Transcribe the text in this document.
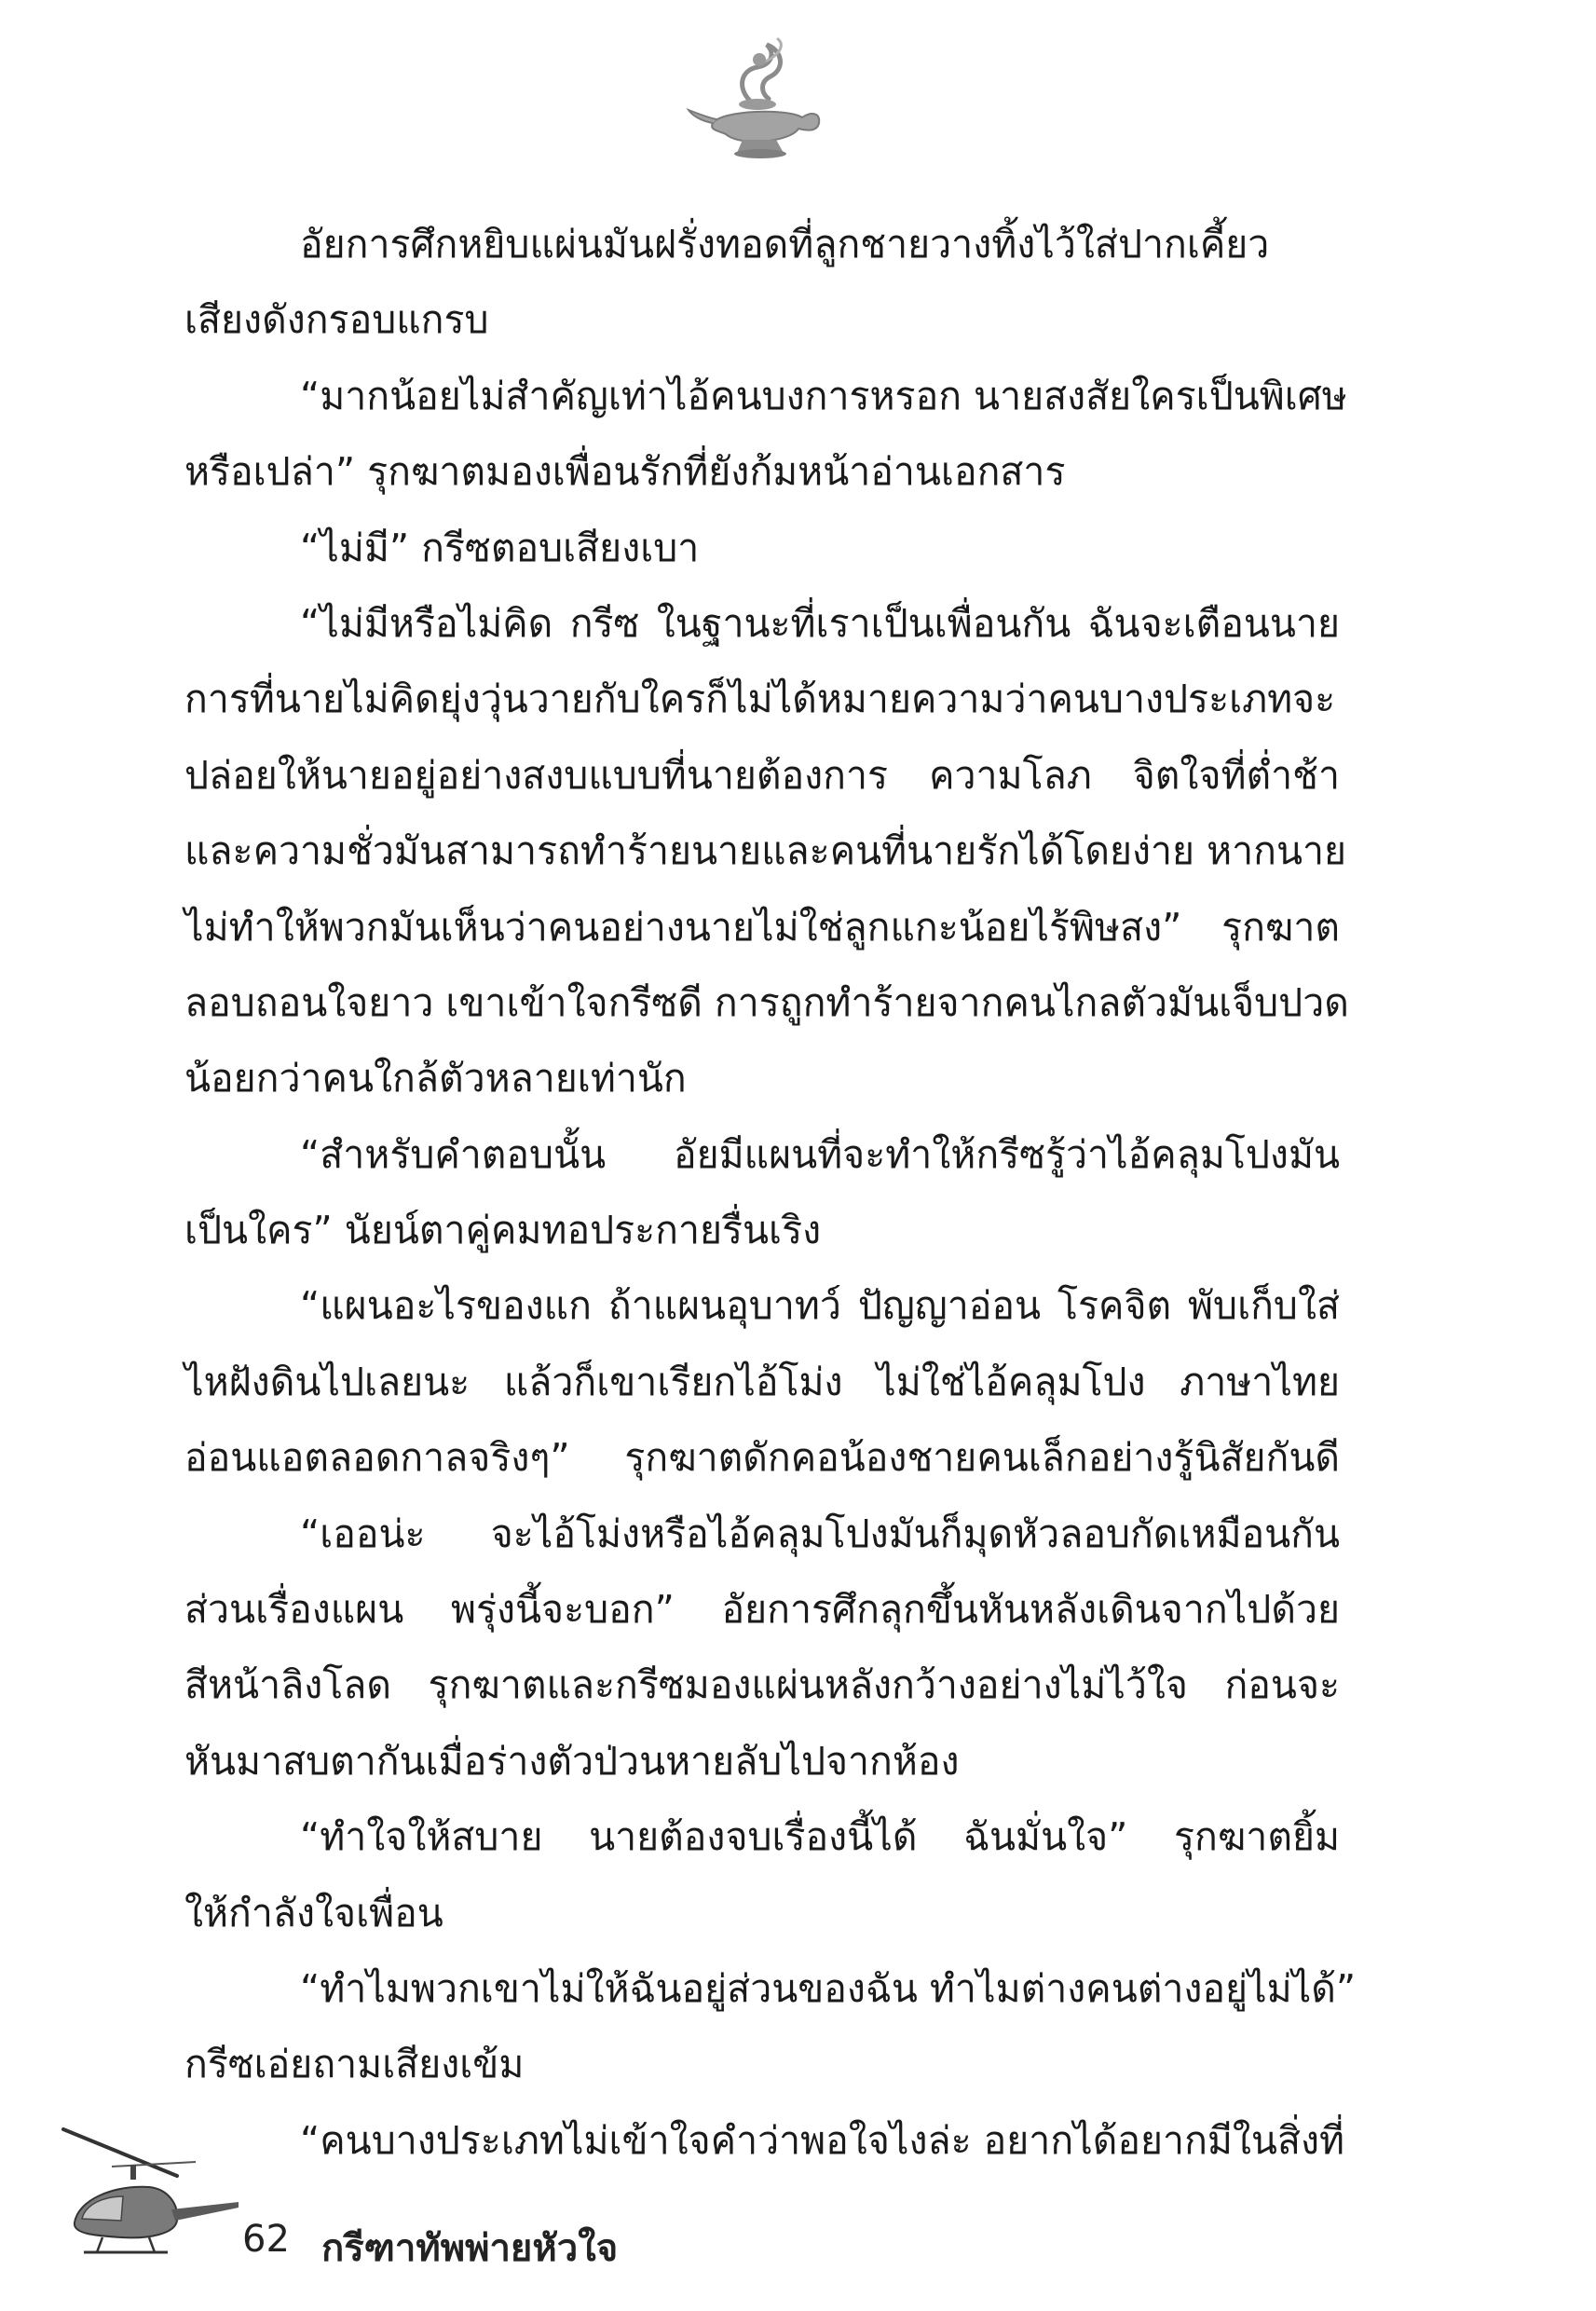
อัยการศึกหยิบแผ่นมันฝรั่งทอดที่ลูกชายวางทิ้งไว้ใส่ปากเคี้ยว
เสียงดังกรอบแกรบ
“มากน้อยไม่สำคัญเท่าไอ้คนบงการหรอก นายสงสัยใครเป็นพิเศษ
หรือเปล่า” รุกฆาตมองเพื่อนรักที่ยังก้มหน้าอ่านเอกสาร
“ไม่มี” กรีซตอบเสียงเบา
“ไม่มีหรือไม่คิด กรีซ ในฐานะที่เราเป็นเพื่อนกัน ฉันจะเตือนนาย
การที่นายไม่คิดยุ่งวุ่นวายกับใครก็ไม่ได้หมายความว่าคนบางประเภทจะ
ปล่อยให้นายอยู่อย่างสงบแบบที่นายต้องการ ความโลภ จิตใจที่ต่ำช้า
และความชั่วมันสามารถทำร้ายนายและคนที่นายรักได้โดยง่าย หากนาย
ไม่ทำให้พวกมันเห็นว่าคนอย่างนายไม่ใช่ลูกแกะน้อยไร้พิษสง” รุกฆาต
ลอบถอนใจยาว เขาเข้าใจกรีซดี การถูกทำร้ายจากคนไกลตัวมันเจ็บปวด
น้อยกว่าคนใกล้ตัวหลายเท่านัก
“สำหรับคำตอบนั้น อัยมีแผนที่จะทำให้กรีซรู้ว่าไอ้คลุมโปงมัน
เป็นใคร” นัยน์ตาคู่คมทอประกายรื่นเริง
“แผนอะไรของแก ถ้าแผนอุบาทว์ ปัญญาอ่อน โรคจิต พับเก็บใส่
ไหฝังดินไปเลยนะ แล้วก็เขาเรียกไอ้โม่ง ไม่ใช่ไอ้คลุมโปง ภาษาไทย
อ่อนแอตลอดกาลจริงๆ” รุกฆาตดักคอน้องชายคนเล็กอย่างรู้นิสัยกันดี
“เออน่ะ จะไอ้โม่งหรือไอ้คลุมโปงมันก็มุดหัวลอบกัดเหมือนกัน
ส่วนเรื่องแผน พรุ่งนี้จะบอก” อัยการศึกลุกขึ้นหันหลังเดินจากไปด้วย
สีหน้าลิงโลด รุกฆาตและกรีซมองแผ่นหลังกว้างอย่างไม่ไว้ใจ ก่อนจะ
หันมาสบตากันเมื่อร่างตัวป่วนหายลับไปจากห้อง
“ทำใจให้สบาย นายต้องจบเรื่องนี้ได้ ฉันมั่นใจ” รุกฆาตยิ้ม
ให้กำลังใจเพื่อน
“ทำไมพวกเขาไม่ให้ฉันอยู่ส่วนของฉัน ทำไมต่างคนต่างอยู่ไม่ได้”
กรีซเอ่ยถามเสียงเข้ม
“คนบางประเภทไม่เข้าใจคำว่าพอใจไงล่ะ อยากได้อยากมีในสิ่งที่
62 กรีฑาทัพพ่ายหัวใจ
